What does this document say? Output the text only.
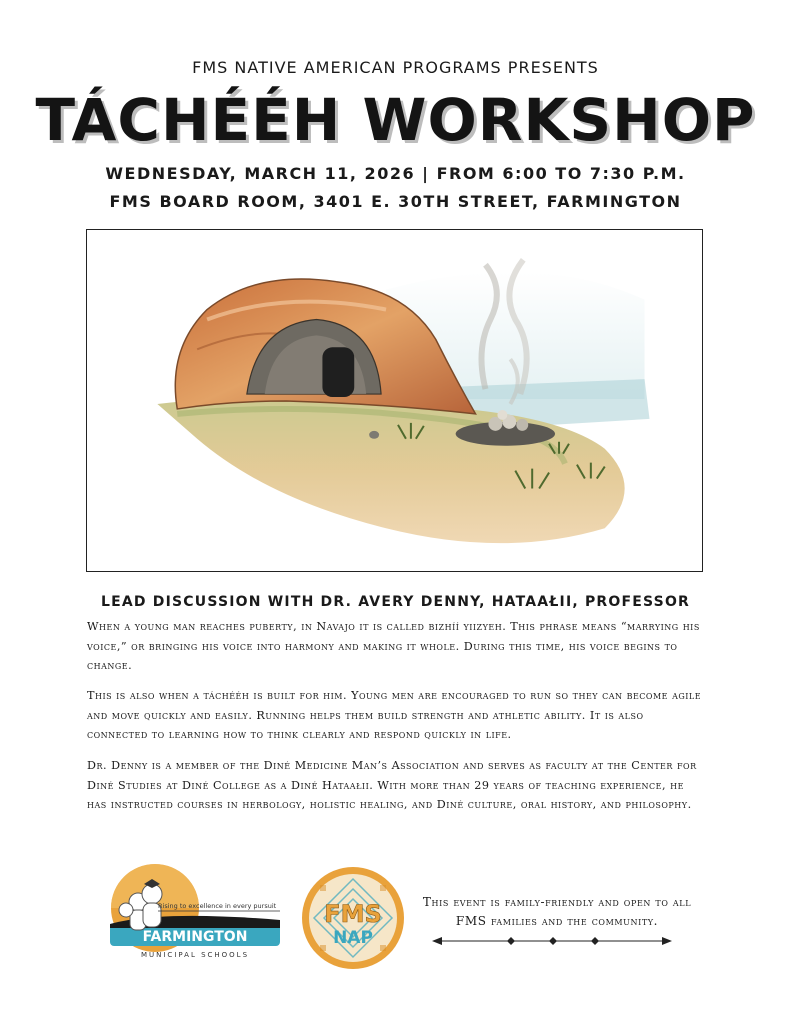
FMS NATIVE AMERICAN PROGRAMS PRESENTS
TÁCHÉÉH WORKSHOP
WEDNESDAY, MARCH 11, 2026 | FROM 6:00 TO 7:30 P.M.
FMS BOARD ROOM, 3401 E. 30TH STREET, FARMINGTON
LEAD DISCUSSION WITH DR. AVERY DENNY, HATAAŁII, PROFESSOR

When a young man reaches puberty, in Navajo it is called bizhíí yiizyeh. This phrase means “marrying his voice,” or bringing his voice into harmony and making it whole. During this time, his voice begins to change.

This is also when a táchééh is built for him. Young men are encouraged to run so they can become agile and move quickly and easily. Running helps them build strength and athletic ability. It is also connected to learning how to think clearly and respond quickly in life.

Dr. Denny is a member of the Diné Medicine Man’s Association and serves as faculty at the Center for Diné Studies at Diné College as a Diné Hataałii. With more than 29 years of teaching experience, he has instructed courses in herbology, holistic healing, and Diné culture, oral history, and philosophy.

Rising to excellence in every pursuit
FARMINGTON
MUNICIPAL SCHOOLS
FMS
NAP
This event is family-friendly and open to all FMS families and the community.
